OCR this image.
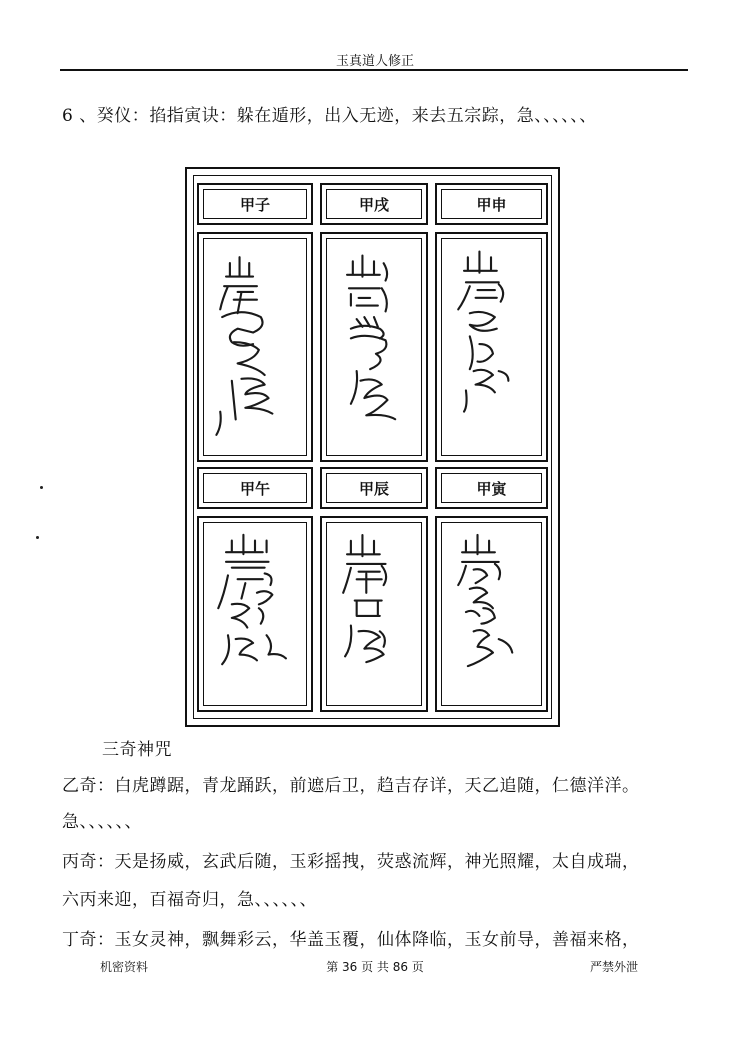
玉真道人修正
6 、癸仪：掐指寅诀：躲在遁形，出入无迹，来去五宗踪，急、、、、、、
甲子	甲戌	甲申
甲午	甲辰	甲寅
三奇神咒
乙奇：白虎蹲踞，青龙踊跃，前遮后卫，趋吉存详，天乙追随，仁德洋洋。
急、、、、、、
丙奇：天是扬威，玄武后随，玉彩摇拽，荧惑流辉，神光照耀，太自成瑞，
六丙来迎，百福奇归，急、、、、、、
丁奇：玉女灵神，飘舞彩云，华盖玉覆，仙体降临，玉女前导，善福来格，
机密资料	第 36 页 共 86 页	严禁外泄
